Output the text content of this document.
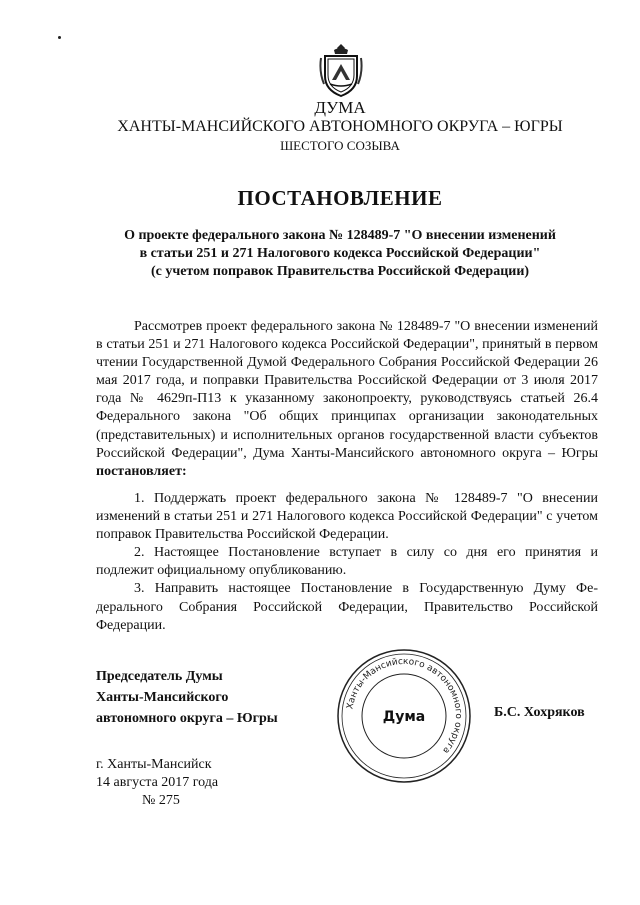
ДУМА
ХАНТЫ-МАНСИЙСКОГО АВТОНОМНОГО ОКРУГА – ЮГРЫ
ШЕСТОГО СОЗЫВА
ПОСТАНОВЛЕНИЕ
О проекте федерального закона № 128489-7 "О внесении изменений
в статьи 251 и 271 Налогового кодекса Российской Федерации"
(с учетом поправок Правительства Российской Федерации)
Рассмотрев проект федерального закона № 128489-7 "О внесении изменений в статьи 251 и 271 Налогового кодекса Российской Федерации", принятый в первом чтении Государственной Думой Федерального Собрания Российской Федерации 26 мая 2017 года, и поправки Правительства Российской Федерации от 3 июля 2017 года № 4629п-П13 к указанному законопроекту, руководствуясь статьей 26.4 Федерального закона "Об общих принципах организации законодательных (представительных) и исполнительных органов государственной власти субъектов Российской Федерации", Дума Ханты-Мансийского автономного округа – Югры постановляет:

1. Поддержать проект федерального закона № 128489-7 "О внесении изменений в статьи 251 и 271 Налогового кодекса Российской Федерации" с учетом поправок Правительства Российской Федерации.

2. Настоящее Постановление вступает в силу со дня его принятия и подлежит официальному опубликованию.

3. Направить настоящее Постановление в Государственную Думу Федерального Собрания Российской Федерации, Правительство Российской Федерации.

Председатель Думы
Ханты-Мансийского
автономного округа – Югры
Ханты-Мансийского автономного округа
Дума	Б.С. Хохряков
г. Ханты-Мансийск
14 августа 2017 года
№ 275
